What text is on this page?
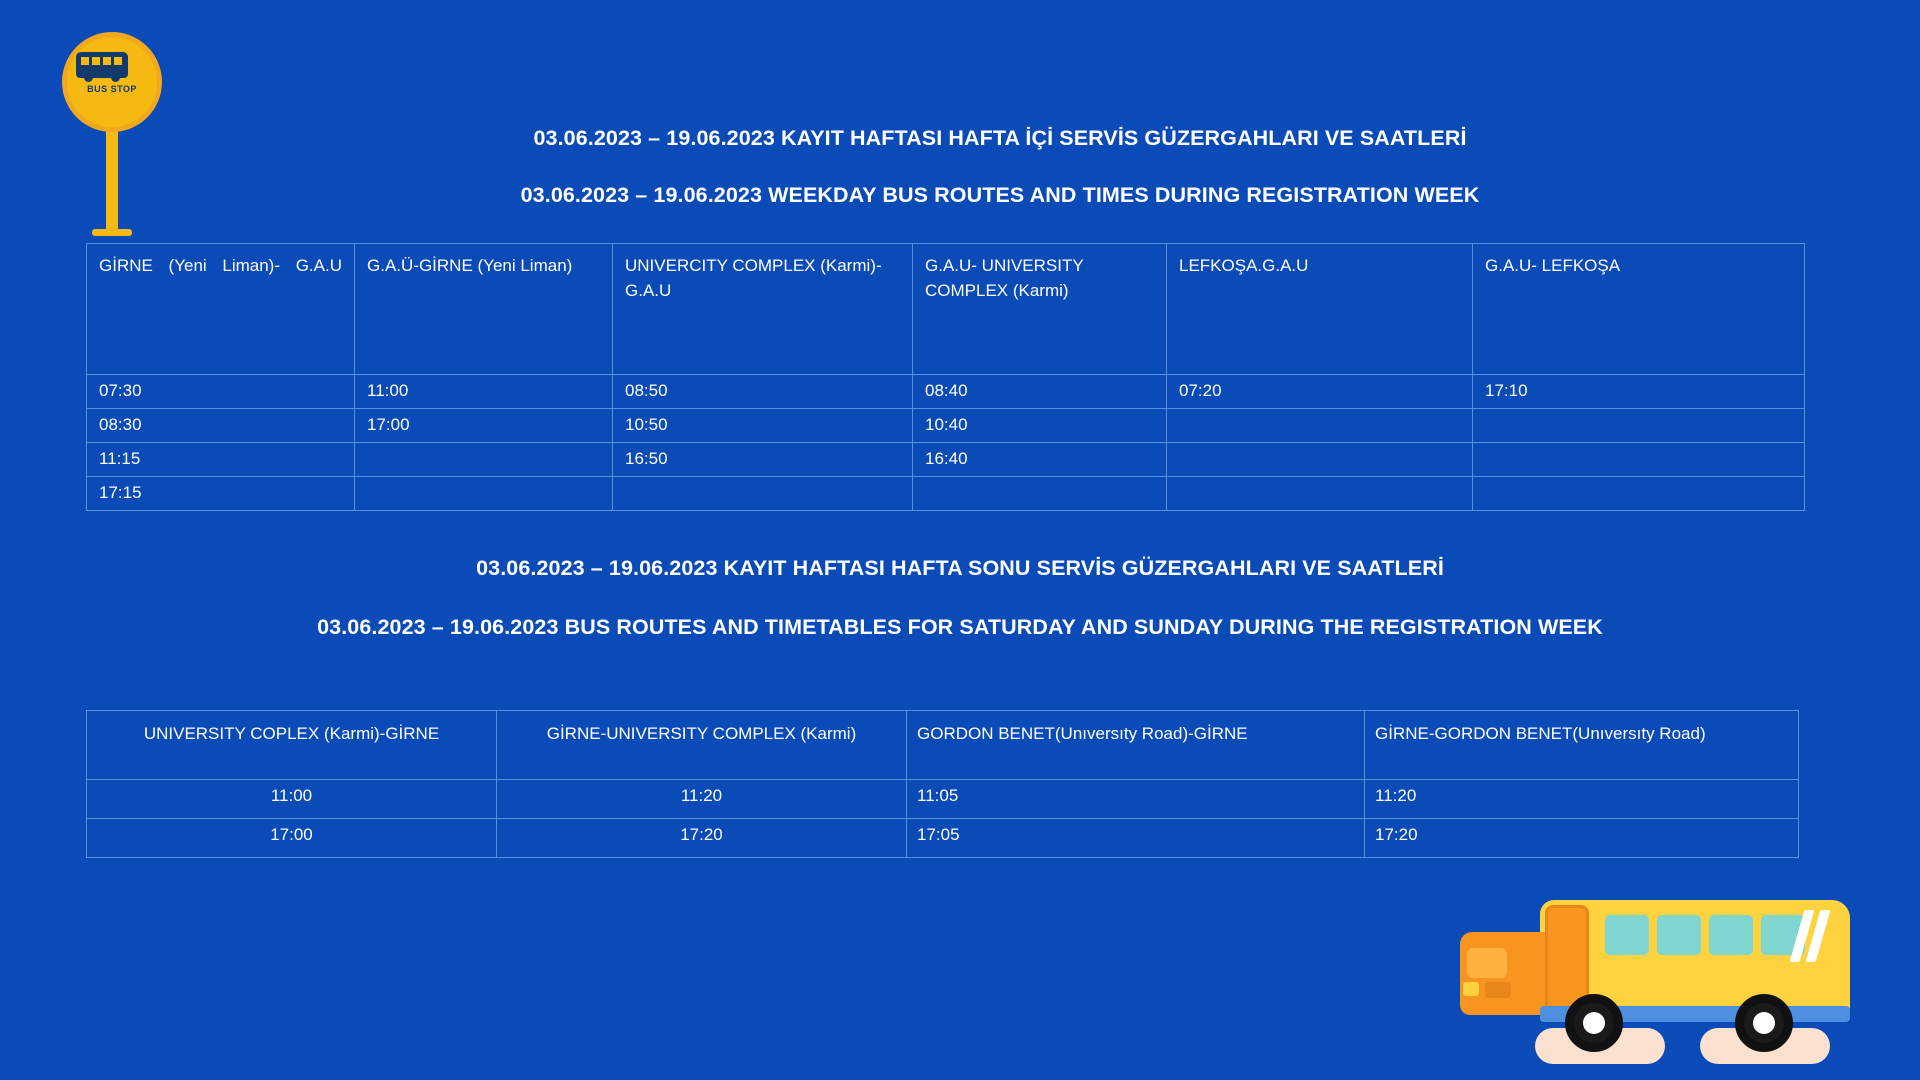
BUS STOP
03.06.2023 – 19.06.2023 KAYIT HAFTASI HAFTA İÇİ SERVİS GÜZERGAHLARI VE SAATLERİ
03.06.2023 – 19.06.2023 WEEKDAY BUS ROUTES AND TIMES DURING REGISTRATION WEEK
GİRNE (Yeni Liman)- G.A.U	G.A.Ü-GİRNE (Yeni Liman)	UNIVERCITY COMPLEX (Karmi)-G.A.U	G.A.U- UNIVERSITY COMPLEX (Karmi)	LEFKOŞA.G.A.U	G.A.U- LEFKOŞA
07:30	11:00	08:50	08:40	07:20	17:10
08:30	17:00	10:50	10:40		
11:15		16:50	16:40		
17:15					
03.06.2023 – 19.06.2023 KAYIT HAFTASI HAFTA SONU SERVİS GÜZERGAHLARI VE SAATLERİ
03.06.2023 – 19.06.2023 BUS ROUTES AND TIMETABLES FOR SATURDAY AND SUNDAY DURING THE REGISTRATION WEEK
UNIVERSITY COPLEX (Karmi)-GİRNE	GİRNE-UNIVERSITY COMPLEX (Karmi)	GORDON BENET(Unıversıty Road)-GİRNE	GİRNE-GORDON BENET(Unıversıty Road)
11:00	11:20	11:05	11:20
17:00	17:20	17:05	17:20
